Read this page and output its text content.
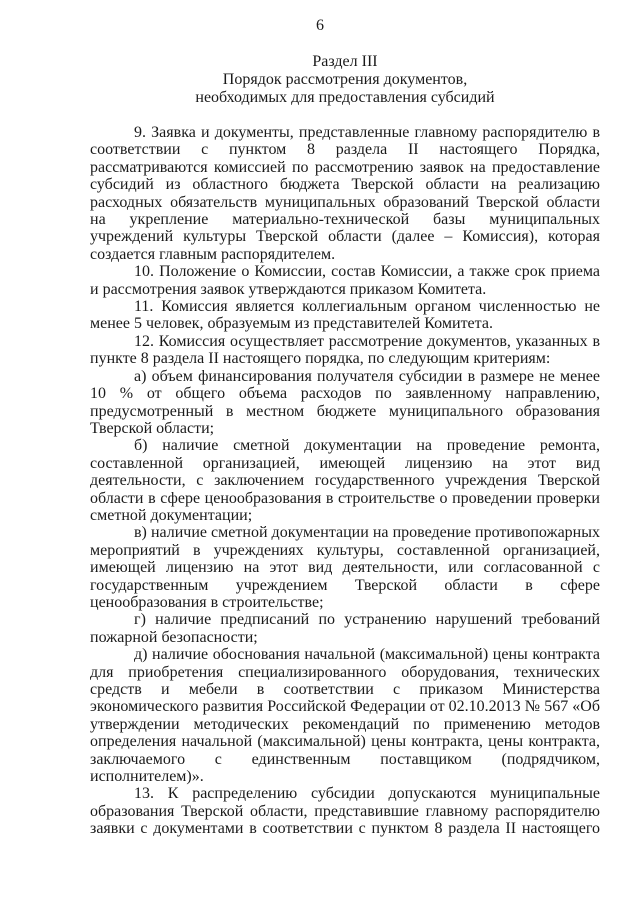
6
Раздел III
Порядок рассмотрения документов,
необходимых для предоставления субсидий

9. Заявка и документы, представленные главному распорядителю в соответствии с пунктом 8 раздела II настоящего Порядка, рассматриваются комиссией по рассмотрению заявок на предоставление субсидий из областного бюджета Тверской области на реализацию расходных обязательств муниципальных образований Тверской области на укрепление материально-технической базы муниципальных учреждений культуры Тверской области (далее – Комиссия), которая создается главным распорядителем.

10. Положение о Комиссии, состав Комиссии, а также срок приема и рассмотрения заявок утверждаются приказом Комитета.

11. Комиссия является коллегиальным органом численностью не менее 5 человек, образуемым из представителей Комитета.

12. Комиссия осуществляет рассмотрение документов, указанных в пункте 8 раздела II настоящего порядка, по следующим критериям:

а) объем финансирования получателя субсидии в размере не менее 10 % от общего объема расходов по заявленному направлению, предусмотренный в местном бюджете муниципального образования Тверской области;

б) наличие сметной документации на проведение ремонта, составленной организацией, имеющей лицензию на этот вид деятельности, с заключением государственного учреждения Тверской области в сфере ценообразования в строительстве о проведении проверки сметной документации;

в) наличие сметной документации на проведение противопожарных мероприятий в учреждениях культуры, составленной организацией, имеющей лицензию на этот вид деятельности, или согласованной с государственным учреждением Тверской области в сфере ценообразования в строительстве;

г) наличие предписаний по устранению нарушений требований пожарной безопасности;

д) наличие обоснования начальной (максимальной) цены контракта для приобретения специализированного оборудования, технических средств и мебели в соответствии с приказом Министерства экономического развития Российской Федерации от 02.10.2013 № 567 «Об утверждении методических рекомендаций по применению методов определения начальной (максимальной) цены контракта, цены контракта, заключаемого с единственным поставщиком (подрядчиком, исполнителем)».

13. К распределению субсидии допускаются муниципальные образования Тверской области, представившие главному распорядителю заявки с документами в соответствии с пунктом 8 раздела II настоящего
